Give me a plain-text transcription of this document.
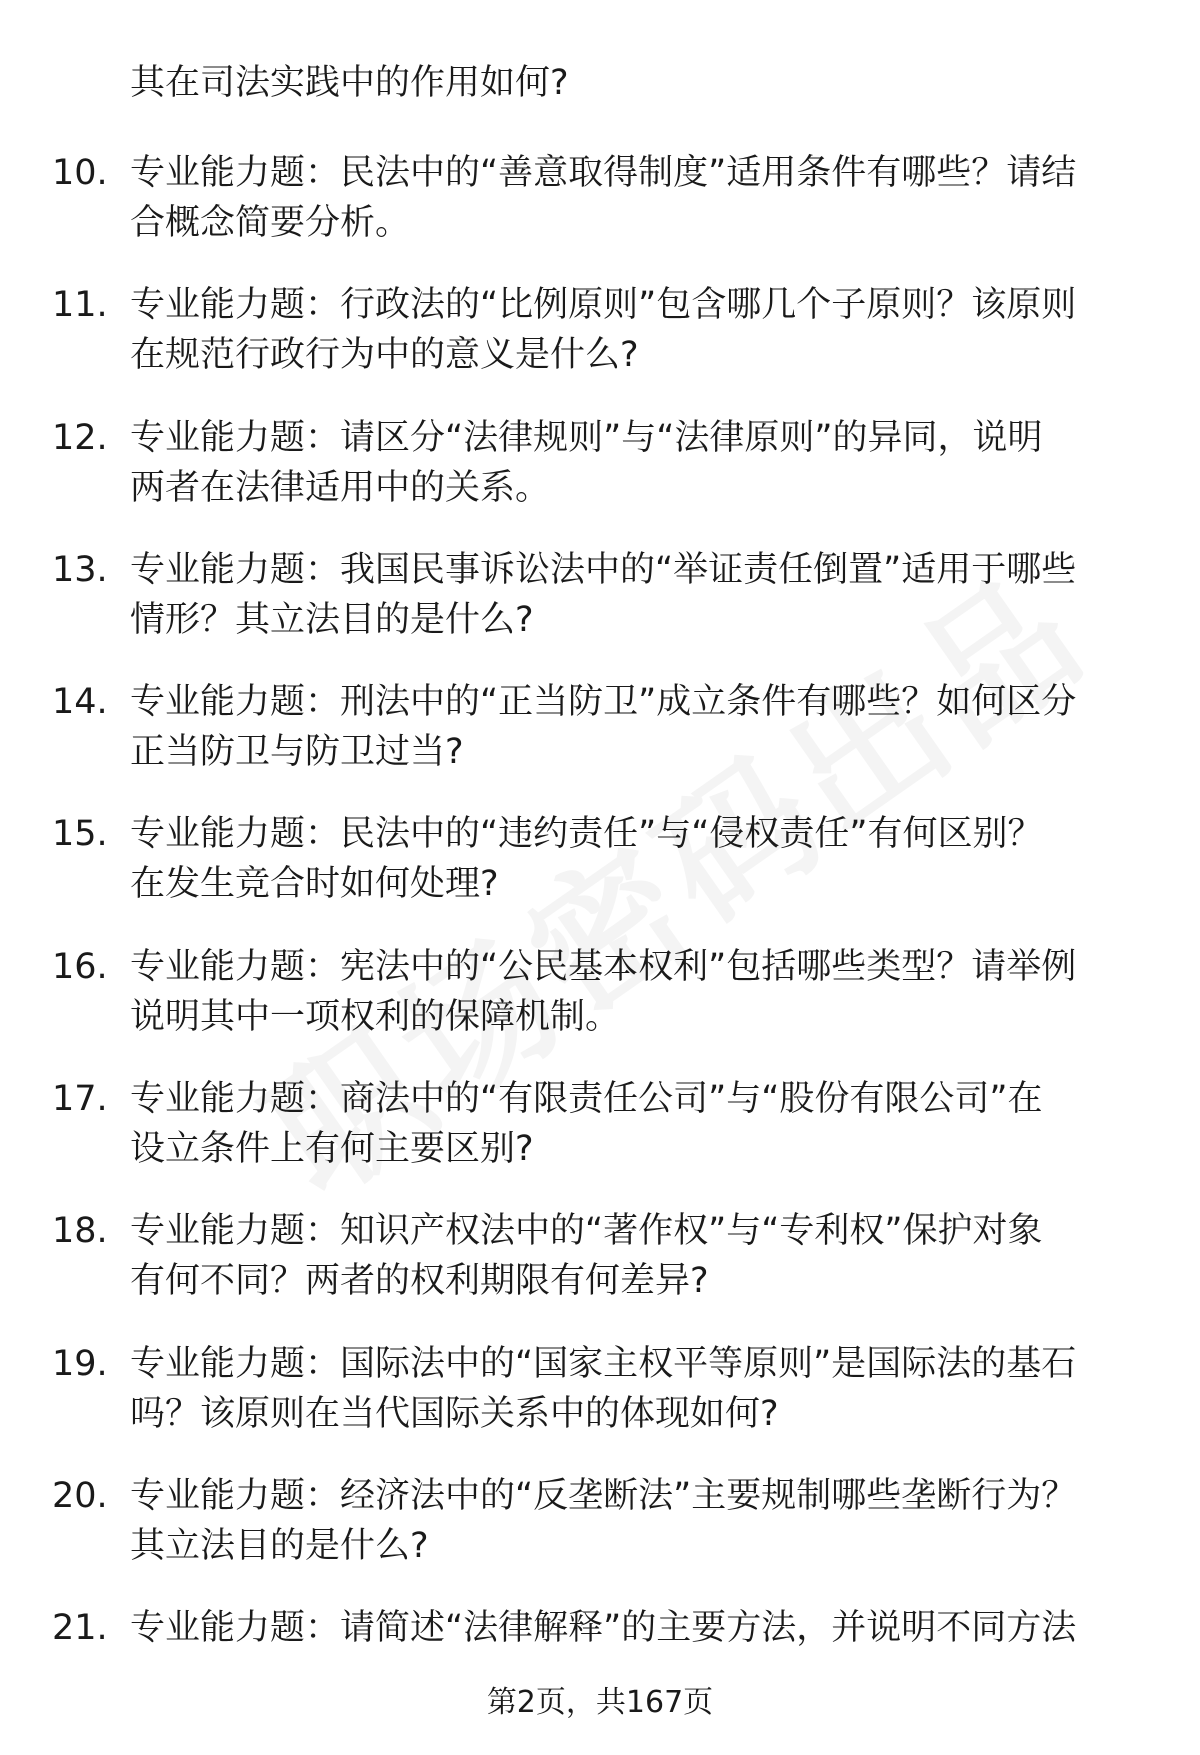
其在司法实践中的作用如何?

10. 专业能力题：民法中的“善意取得制度”适用条件有哪些？请结
合概念简要分析。

11. 专业能力题：行政法的“比例原则”包含哪几个子原则？该原则
在规范行政行为中的意义是什么?

12. 专业能力题：请区分“法律规则”与“法律原则”的异同，说明
两者在法律适用中的关系。

13. 专业能力题：我国民事诉讼法中的“举证责任倒置”适用于哪些
情形？其立法目的是什么?

14. 专业能力题：刑法中的“正当防卫”成立条件有哪些？如何区分
正当防卫与防卫过当?

15. 专业能力题：民法中的“违约责任”与“侵权责任”有何区别？
在发生竞合时如何处理?

16. 专业能力题：宪法中的“公民基本权利”包括哪些类型？请举例
说明其中一项权利的保障机制。

17. 专业能力题：商法中的“有限责任公司”与“股份有限公司”在
设立条件上有何主要区别?

18. 专业能力题：知识产权法中的“著作权”与“专利权”保护对象
有何不同？两者的权利期限有何差异?

19. 专业能力题：国际法中的“国家主权平等原则”是国际法的基石
吗？该原则在当代国际关系中的体现如何?

20. 专业能力题：经济法中的“反垄断法”主要规制哪些垄断行为？
其立法目的是什么?

21. 专业能力题：请简述“法律解释”的主要方法，并说明不同方法

第2页，共167页
